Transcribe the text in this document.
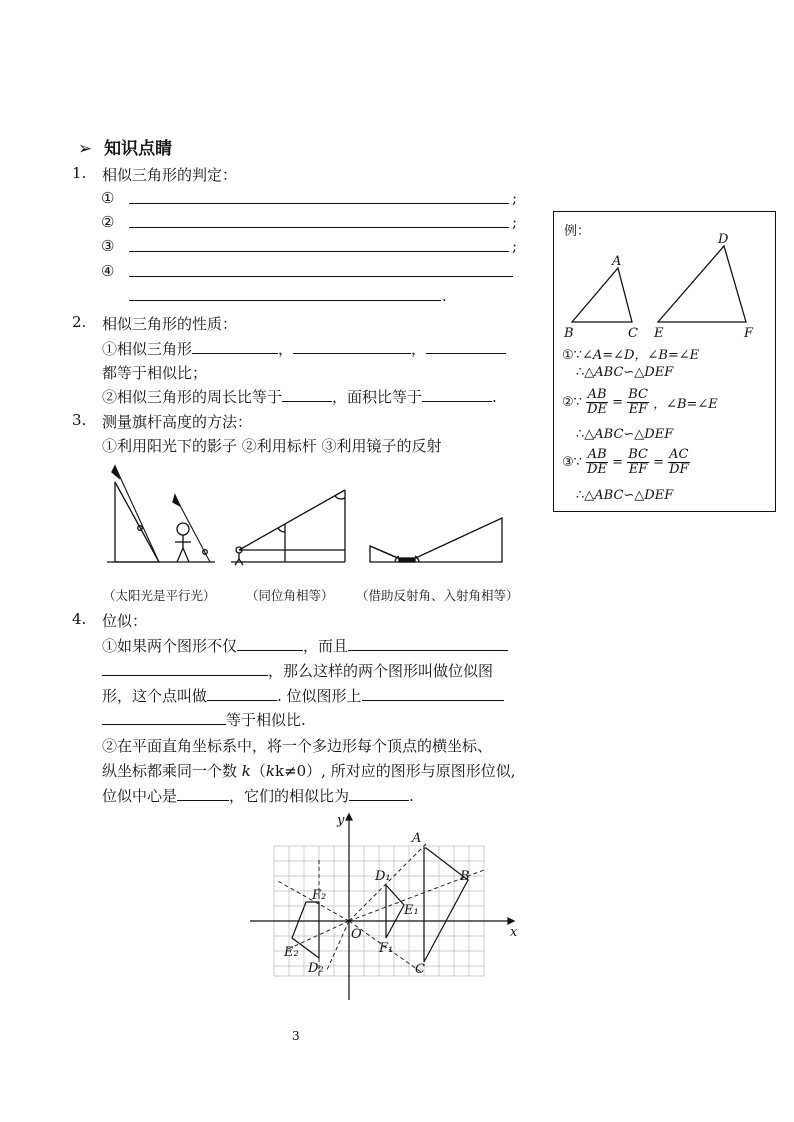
➢ 知识点睛
1. 相似三角形的判定：
①	;
②	;
③	;
④
.
2. 相似三角形的性质：
①相似三角形	，	，
都等于相似比；
②相似三角形的周长比等于	，面积比等于	.
3. 测量旗杆高度的方法：
①利用阳光下的影子 ②利用标杆 ③利用镜子的反射
（太阳光是平行光） （同位角相等） （借助反射角、入射角相等）
4. 位似：
①如果两个图形不仅	，而且
，那么这样的两个图形叫做位似图
形，这个点叫做	. 位似图形上
等于相似比.
②在平面直角坐标系中，将一个多边形每个顶点的横坐标、
纵坐标都乘同一个数 k（kk≠0）, 所对应的图形与原图形位似,
位似中心是	，它们的相似比为	.
x
y
O
A
B
C
D₁
E₁
F₁
F₂
E₂
D₂
例：
A
B	C
D
E	F
①∵∠A=∠D，∠B=∠E
∴△ABC∽△DEF
②∵ $\frac{AB}{DE} = \frac{BC}{EF}$ ，∠B=∠E
∴△ABC∽△DEF
③∵ $\frac{AB}{DE} = \frac{BC}{EF} = \frac{AC}{DF}$
∴△ABC∽△DEF
3
